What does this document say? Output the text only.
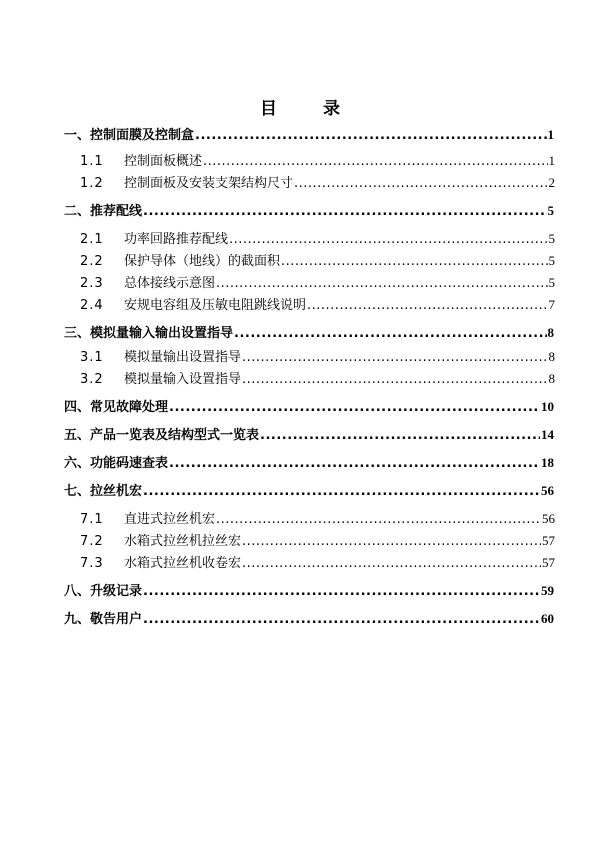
目	录
一、 控制面膜及控制盒 .....	1
1.1	控制面板概述 .....	1
1.2	控制面板及安装支架结构尺寸 .....	2
二、 推荐配线 .....	5
2.1	功率回路推荐配线 .....	5
2.2	保护导体（地线）的截面积 .....	5
2.3	总体接线示意图 .....	5
2.4	安规电容组及压敏电阻跳线说明 .....	7
三、 模拟量输入输出设置指导 .....	8
3.1	模拟量输出设置指导 .....	8
3.2	模拟量输入设置指导 .....	8
四、 常见故障处理 .....	10
五、 产品一览表及结构型式一览表 .....	14
六、 功能码速查表 .....	18
七、 拉丝机宏 .....	56
7.1	直进式拉丝机宏 .....	56
7.2	水箱式拉丝机拉丝宏 .....	57
7.3	水箱式拉丝机收卷宏 .....	57
八、 升级记录 .....	59
九、 敬告用户 .....	60
